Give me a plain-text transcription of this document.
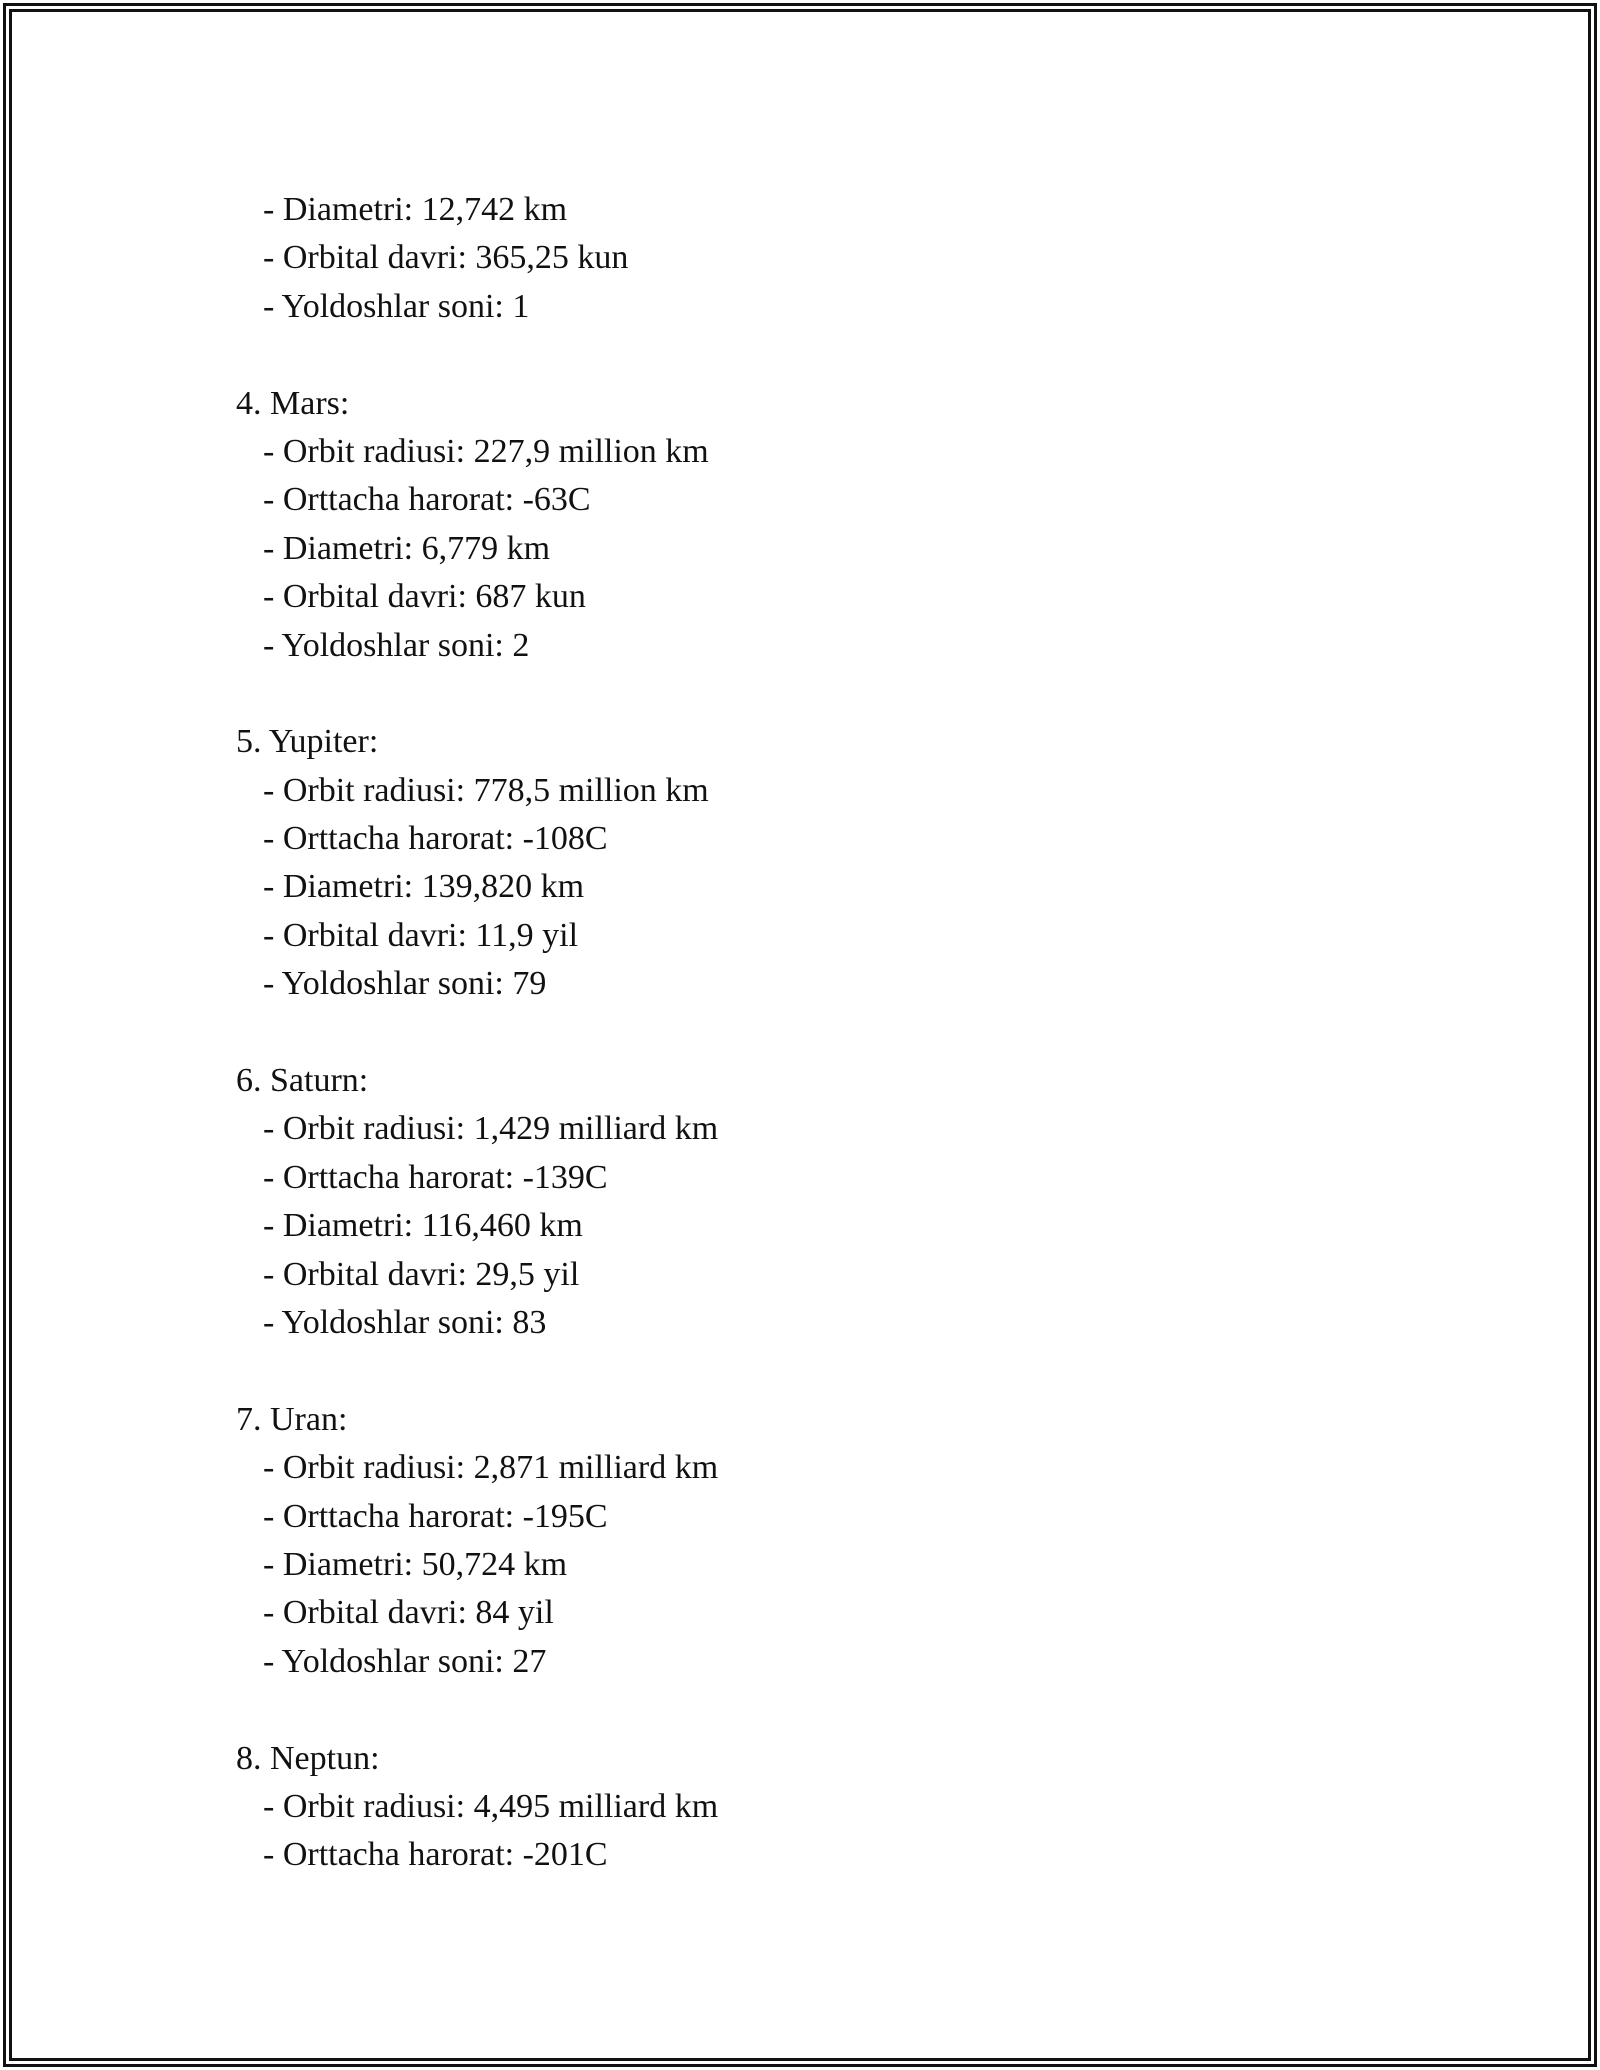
- Diametri: 12,742 km
- Orbital davri: 365,25 kun
- Yoldoshlar soni: 1
4. Mars:
- Orbit radiusi: 227,9 million km
- Orttacha harorat: -63C
- Diametri: 6,779 km
- Orbital davri: 687 kun
- Yoldoshlar soni: 2
5. Yupiter:
- Orbit radiusi: 778,5 million km
- Orttacha harorat: -108C
- Diametri: 139,820 km
- Orbital davri: 11,9 yil
- Yoldoshlar soni: 79
6. Saturn:
- Orbit radiusi: 1,429 milliard km
- Orttacha harorat: -139C
- Diametri: 116,460 km
- Orbital davri: 29,5 yil
- Yoldoshlar soni: 83
7. Uran:
- Orbit radiusi: 2,871 milliard km
- Orttacha harorat: -195C
- Diametri: 50,724 km
- Orbital davri: 84 yil
- Yoldoshlar soni: 27
8. Neptun:
- Orbit radiusi: 4,495 milliard km
- Orttacha harorat: -201C
